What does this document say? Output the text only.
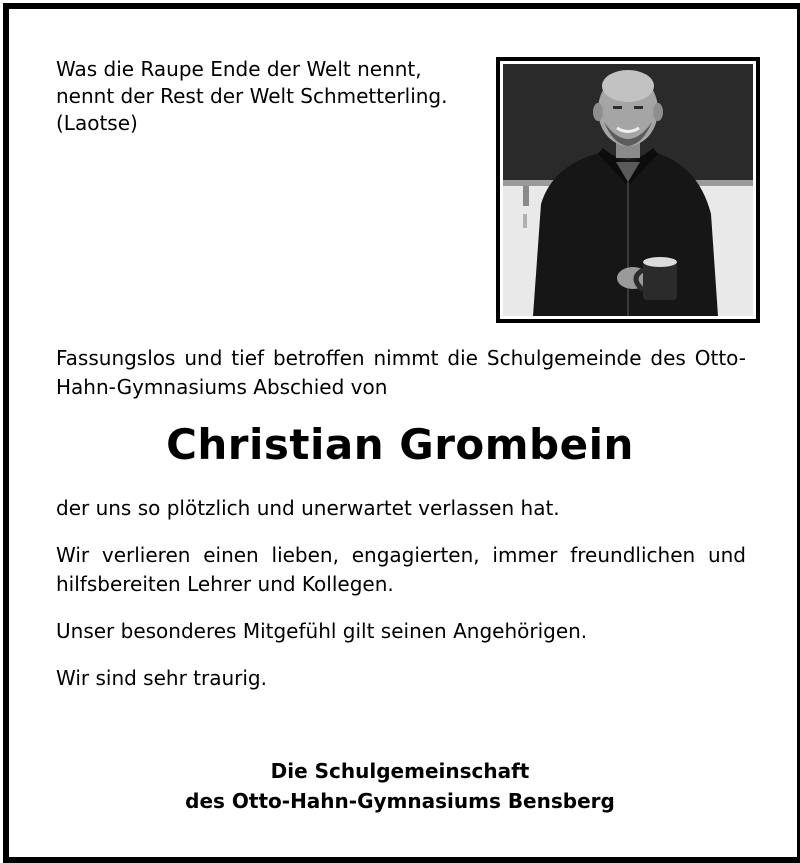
Was die Raupe Ende der Welt nennt,
nennt der Rest der Welt Schmetterling.
(Laotse)
Fassungslos und tief betroffen nimmt die Schulgemeinde des Otto-Hahn-Gymnasiums Abschied von
Christian Grombein
der uns so plötzlich und unerwartet verlassen hat.
Wir verlieren einen lieben, engagierten, immer freundlichen und hilfsbereiten Lehrer und Kollegen.
Unser besonderes Mitgefühl gilt seinen Angehörigen.
Wir sind sehr traurig.
Die Schulgemeinschaft
des Otto-Hahn-Gymnasiums Bensberg
